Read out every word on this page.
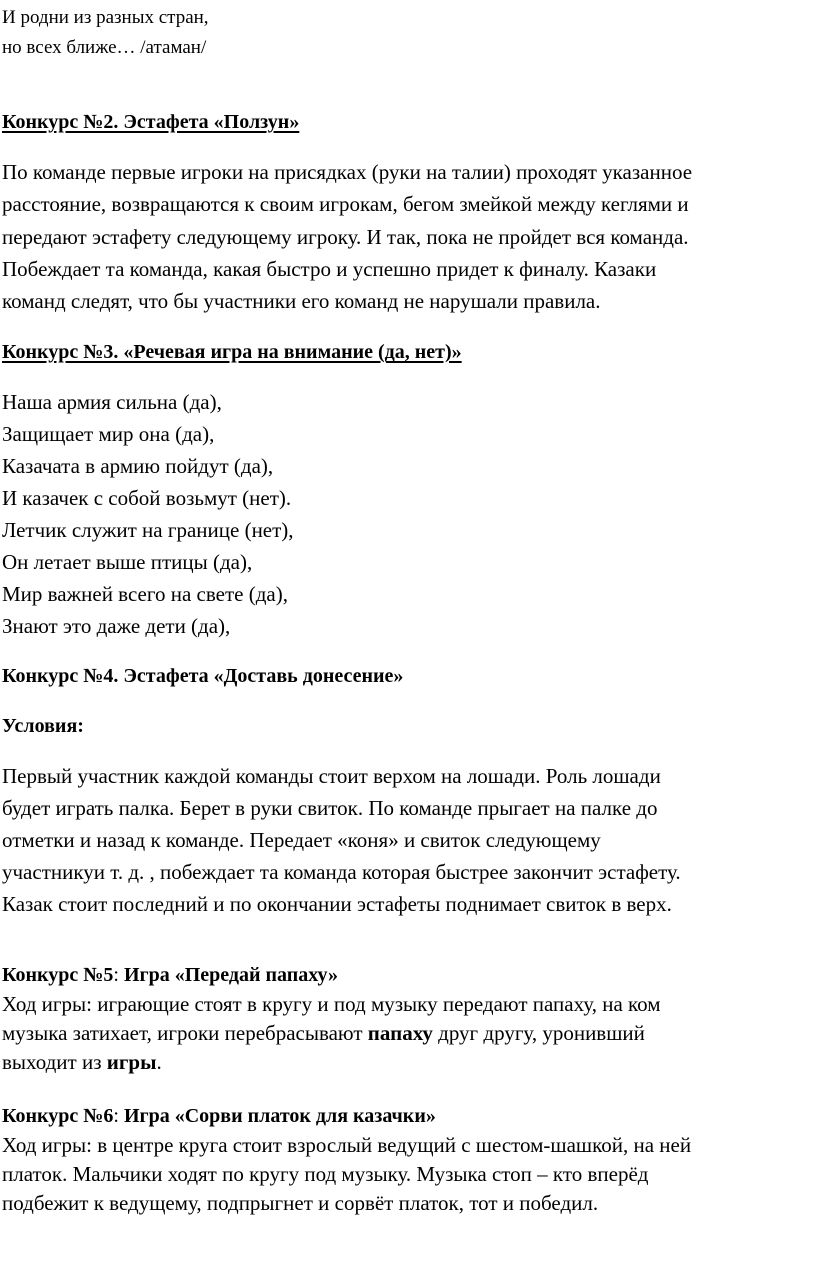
И родни из разных стран,
но всех ближе… /атаман/
Конкурс №2. Эстафета «Ползун»
По команде первые игроки на присядках (руки на талии) проходят указанное
расстояние, возвращаются к своим игрокам, бегом змейкой между кеглями и
передают эстафету следующему игроку. И так, пока не пройдет вся команда.
Побеждает та команда, какая быстро и успешно придет к финалу. Казаки
команд следят, что бы участники его команд не нарушали правила.
Конкурс №3. «Речевая игра на внимание (да, нет)»
Наша армия сильна (да),
Защищает мир она (да),
Казачата в армию пойдут (да),
И казачек с собой возьмут (нет).
Летчик служит на границе (нет),
Он летает выше птицы (да),
Мир важней всего на свете (да),
Знают это даже дети (да),
Конкурс №4. Эстафета «Доставь донесение»
Условия:
Первый участник каждой команды стоит верхом на лошади. Роль лошади
будет играть палка. Берет в руки свиток. По команде прыгает на палке до
отметки и назад к команде. Передает «коня» и свиток следующему
участникуи т. д. , побеждает та команда которая быстрее закончит эстафету.
Казак стоит последний и по окончании эстафеты поднимает свиток в верх.
Конкурс №5: Игра «Передай папаху»
Ход игры: играющие стоят в кругу и под музыку передают папаху, на ком
музыка затихает, игроки перебрасывают папаху друг другу, уронивший
выходит из игры.
Конкурс №6: Игра «Сорви платок для казачки»
Ход игры: в центре круга стоит взрослый ведущий с шестом-шашкой, на ней
платок. Мальчики ходят по кругу под музыку. Музыка стоп – кто вперёд
подбежит к ведущему, подпрыгнет и сорвёт платок, тот и победил.
